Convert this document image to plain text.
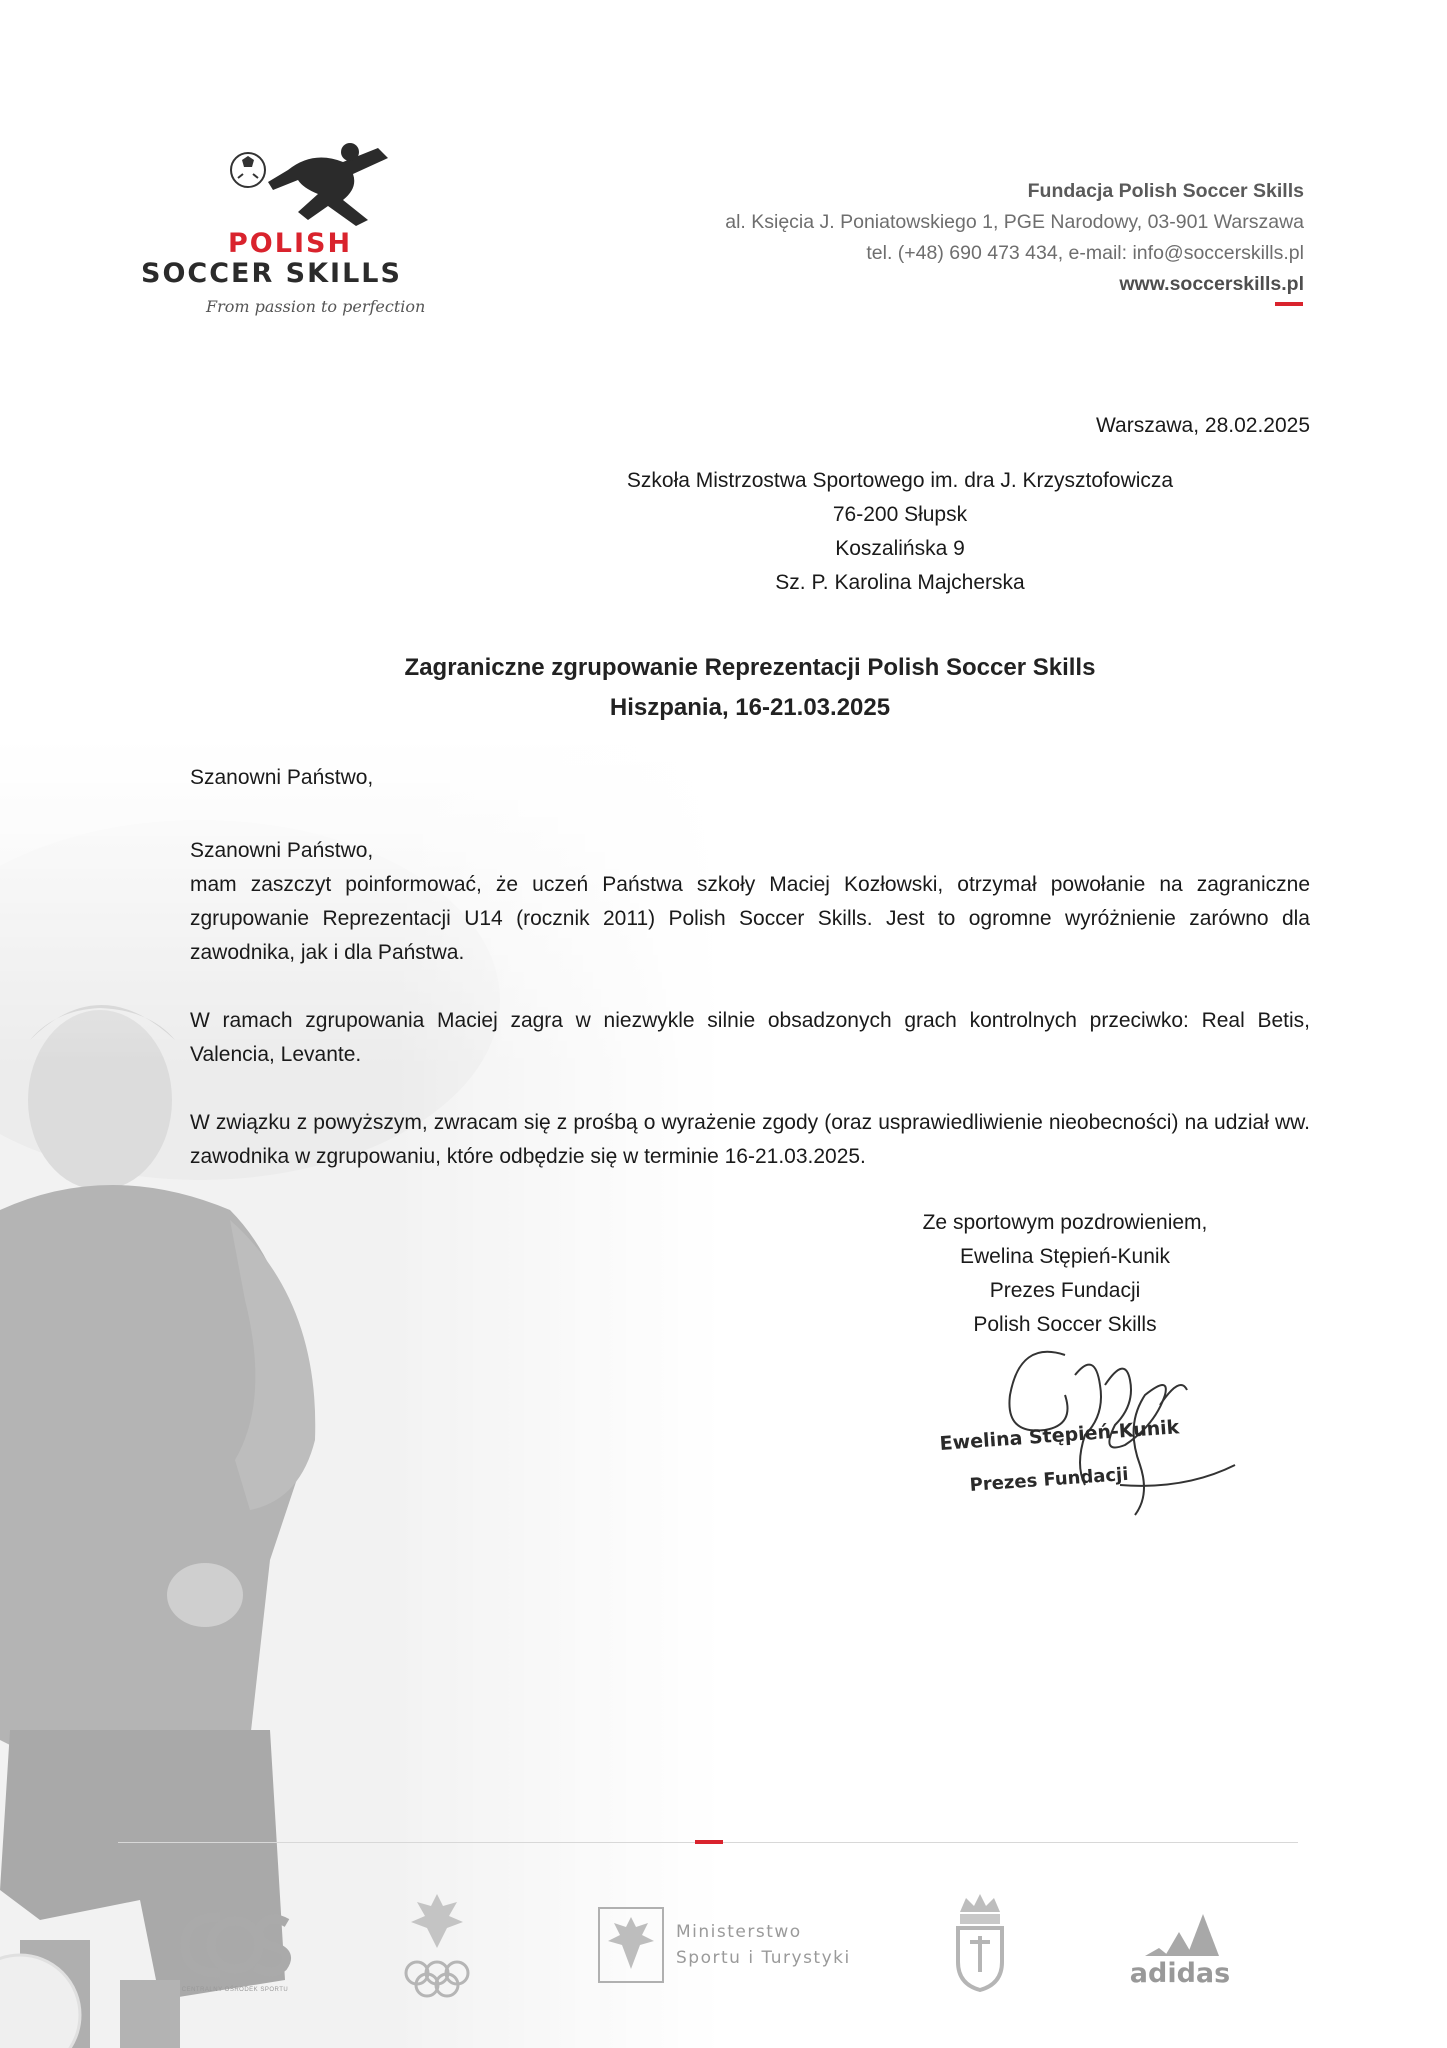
POLISH
SOCCER SKILLS
From passion to perfection
Fundacja Polish Soccer Skills
al. Księcia J. Poniatowskiego 1, PGE Narodowy, 03-901 Warszawa
tel. (+48) 690 473 434, e-mail: info@soccerskills.pl
www.soccerskills.pl
Warszawa, 28.02.2025
Szkoła Mistrzostwa Sportowego im. dra J. Krzysztofowicza
76-200 Słupsk
Koszalińska 9
Sz. P. Karolina Majcherska
Zagraniczne zgrupowanie Reprezentacji Polish Soccer Skills
Hiszpania, 16-21.03.2025
Szanowni Państwo,

Szanowni Państwo,
mam zaszczyt poinformować, że uczeń Państwa szkoły Maciej Kozłowski, otrzymał powołanie na zagraniczne zgrupowanie Reprezentacji U14 (rocznik 2011) Polish Soccer Skills. Jest to ogromne wyróżnienie zarówno dla zawodnika, jak i dla Państwa.

W ramach zgrupowania Maciej zagra w niezwykle silnie obsadzonych grach kontrolnych przeciwko: Real Betis, Valencia, Levante.

W związku z powyższym, zwracam się z prośbą o wyrażenie zgody (oraz usprawiedliwienie nieobecności) na udział ww. zawodnika w zgrupowaniu, które odbędzie się w terminie 16-21.03.2025.

Ze sportowym pozdrowieniem,
Ewelina Stępień-Kunik
Prezes Fundacji
Polish Soccer Skills
Ewelina Stępień-Kunik
Prezes Fundacji
CENTRALNY OŚRODEK SPORTU
Ministerstwo
Sportu i Turystyki	adidas
